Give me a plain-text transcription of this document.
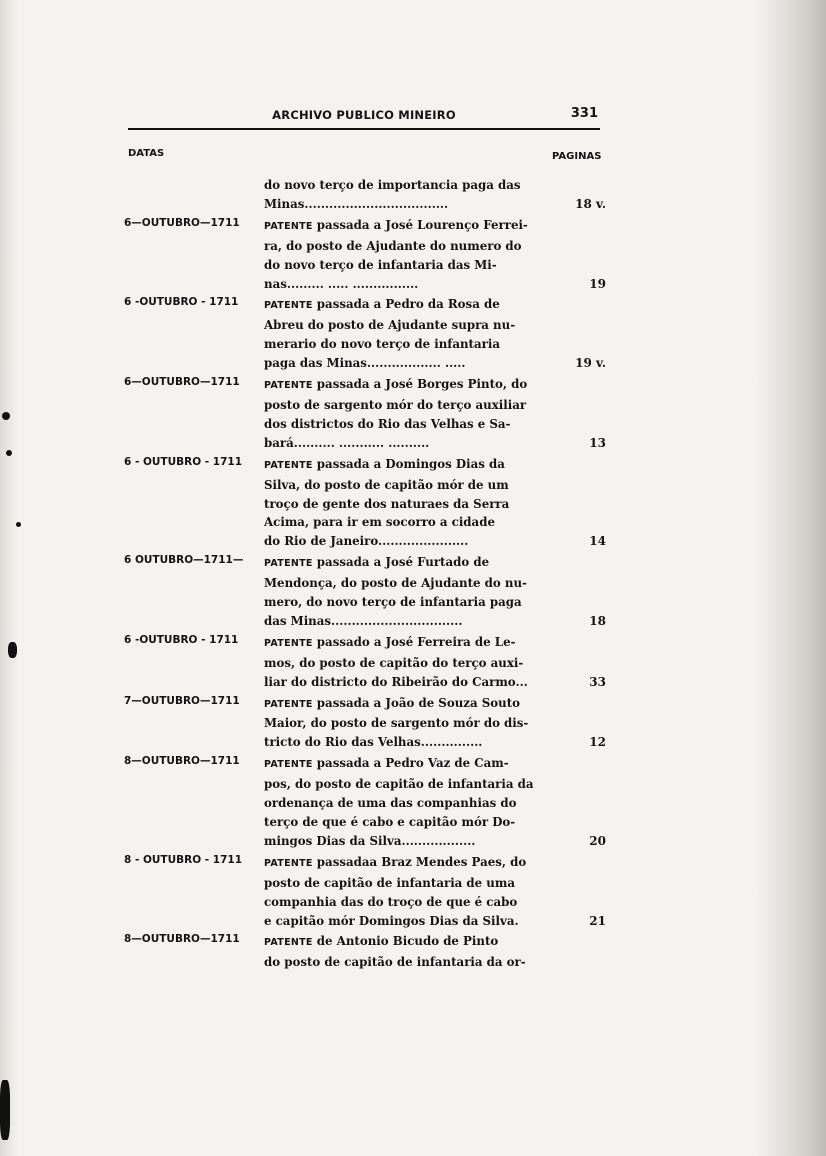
ARCHIVO PUBLICO MINEIRO	331
DATAS	PAGINAS
do novo terço de importancia paga das
Minas...................................	18 v.
6—OUTUBRO—1711	PATENTE passada a José Lourenço Ferrei-
ra, do posto de Ajudante do numero do
do novo terço de infantaria das Mi-
nas......... ..... ................	19
6 -OUTUBRO - 1711	PATENTE passada a Pedro da Rosa de
Abreu do posto de Ajudante supra nu-
merario do novo terço de infantaria
paga das Minas.................. .....	19 v.
6—OUTUBRO—1711	PATENTE passada a José Borges Pinto, do
posto de sargento mór do terço auxiliar
dos districtos do Rio das Velhas e Sa-
bará.......... ........... ..........	13
6 - OUTUBRO - 1711 PATENTE passada a Domingos Dias da
Silva, do posto de capitão mór de um
troço de gente dos naturaes da Serra
Acima, para ir em socorro a cidade
do Rio de Janeiro......................	14
6 OUTUBRO—1711— PATENTE passada a José Furtado de
Mendonça, do posto de Ajudante do nu-
mero, do novo terço de infantaria paga
das Minas................................	18
6 -OUTUBRO - 1711	PATENTE passado a José Ferreira de Le-
mos, do posto de capitão do terço auxi-
liar do districto do Ribeirão do Carmo...	33
7—OUTUBRO—1711	PATENTE passada a João de Souza Souto
Maior, do posto de sargento mór do dis-
tricto do Rio das Velhas...............	12
8—OUTUBRO—1711	PATENTE passada a Pedro Vaz de Cam-
pos, do posto de capitão de infantaria da
ordenança de uma das companhias do
terço de que é cabo e capitão mór Do-
mingos Dias da Silva..................	20
8 - OUTUBRO - 1711 PATENTE passadaa Braz Mendes Paes, do
posto de capitão de infantaria de uma
companhia das do troço de que é cabo
e capitão mór Domingos Dias da Silva.	21
8—OUTUBRO—1711	PATENTE de Antonio Bicudo de Pinto
do posto de capitão de infantaria da or-
